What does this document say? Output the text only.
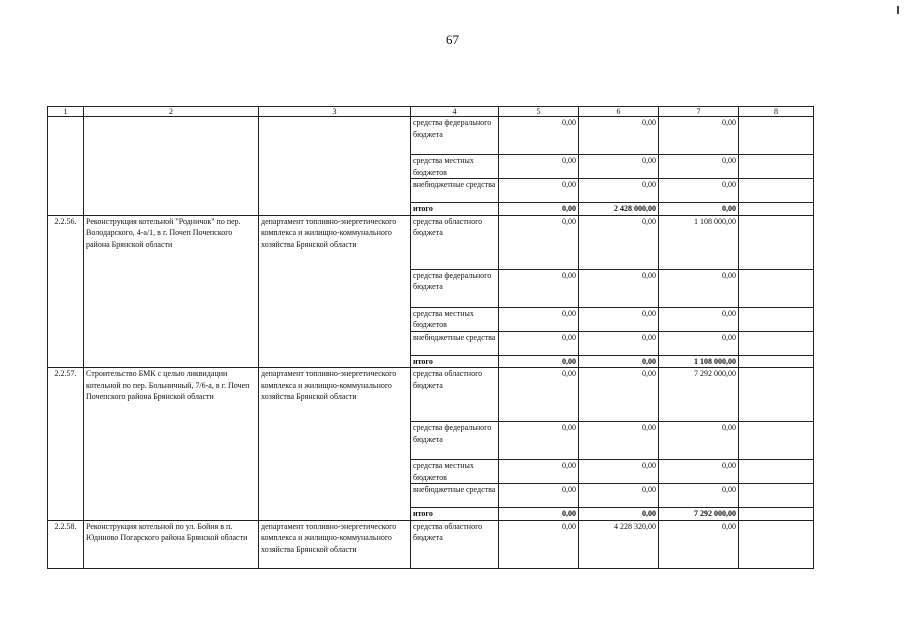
67
1	2	3	4	5	6	7	8
			средства федерального бюджета	0,00	0,00	0,00	
			средства местных бюджетов	0,00	0,00	0,00	
			внебюджетные средства	0,00	0,00	0,00	
			итого	0,00	2 428 000,00	0,00	
2.2.56.	Реконструкция котельной "Родничок" по пер. Володарского, 4-а/1, в г. Почеп Почепского района Брянской области	департамент топливно-энергетического комплекса и жилищно-коммунального хозяйства Брянской области	средства областного бюджета	0,00	0,00	1 108 000,00	
			средства федерального бюджета	0,00	0,00	0,00	
			средства местных бюджетов	0,00	0,00	0,00	
			внебюджетные средства	0,00	0,00	0,00	
			итого	0,00	0,00	1 108 000,00	
2.2.57.	Строительство БМК с целью ликвидации котельной по пер. Больничный, 7/6-а, в г. Почеп Почепского района Брянской области	департамент топливно-энергетического комплекса и жилищно-коммунального хозяйства Брянской области	средства областного бюджета	0,00	0,00	7 292 000,00	
			средства федерального бюджета	0,00	0,00	0,00	
			средства местных бюджетов	0,00	0,00	0,00	
			внебюджетные средства	0,00	0,00	0,00	
			итого	0,00	0,00	7 292 000,00	
2.2.58.	Реконструкция котельной по ул. Бойня в п. Юдиново Погарского района Брянской области	департамент топливно-энергетического комплекса и жилищно-коммунального хозяйства Брянской области	средства областного бюджета	0,00	4 228 320,00	0,00	
